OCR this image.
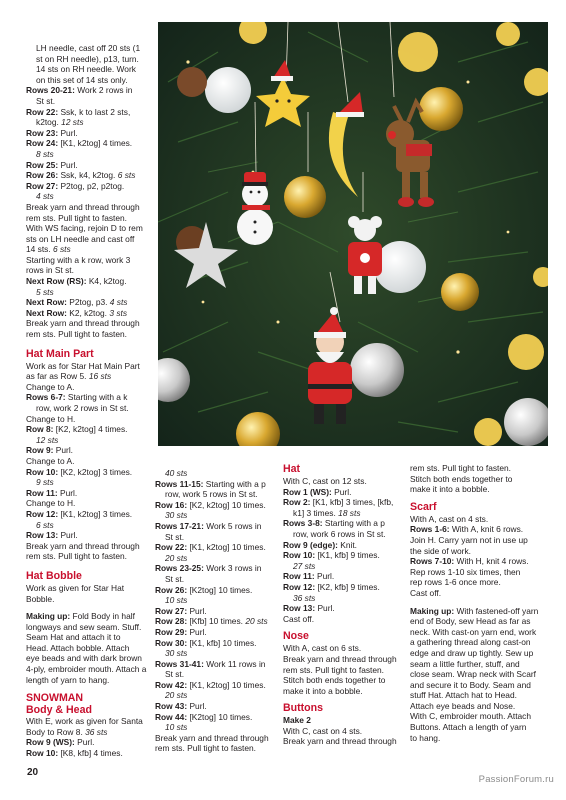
LH needle, cast off 20 sts (1

st on RH needle), p13, turn.

14 sts on RH needle. Work

on this set of 14 sts only.

Rows 20-21: Work 2 rows in

St st.

Row 22: Ssk, k to last 2 sts,

k2tog. 12 sts

Row 23: Purl.

Row 24: [K1, k2tog] 4 times.

8 sts

Row 25: Purl.

Row 26: Ssk, k4, k2tog. 6 sts

Row 27: P2tog, p2, p2tog.

4 sts

Break yarn and thread through

rem sts. Pull tight to fasten.

With WS facing, rejoin D to rem

sts on LH needle and cast off

14 sts. 6 sts

Starting with a k row, work 3

rows in St st.

Next Row (RS): K4, k2tog.

5 sts

Next Row: P2tog, p3. 4 sts

Next Row: K2, k2tog. 3 sts

Break yarn and thread through

rem sts. Pull tight to fasten.

Hat Main Part

Work as for Star Hat Main Part

as far as Row 5. 16 sts

Change to A.

Rows 6-7: Starting with a k

row, work 2 rows in St st.

Change to H.

Row 8: [K2, k2tog] 4 times.

12 sts

Row 9: Purl.

Change to A.

Row 10: [K2, k2tog] 3 times.

9 sts

Row 11: Purl.

Change to H.

Row 12: [K1, k2tog] 3 times.

6 sts

Row 13: Purl.

Break yarn and thread through

rem sts. Pull tight to fasten.

Hat Bobble

Work as given for Star Hat Bobble.

Making up: Fold Body in half

longways and sew seam. Stuff.

Seam Hat and attach it to

Head. Attach bobble. Attach

eye beads and with dark brown

4-ply, embroider mouth. Attach a

length of yarn to hang.

SNOWMAN
Body & Head

With E, work as given for Santa

Body to Row 8. 36 sts

Row 9 (WS): Purl.

Row 10: [K8, kfb] 4 times.

40 sts

Rows 11-15: Starting with a p

row, work 5 rows in St st.

Row 16: [K2, k2tog] 10 times.

30 sts

Rows 17-21: Work 5 rows in

St st.

Row 22: [K1, k2tog] 10 times.

20 sts

Rows 23-25: Work 3 rows in

St st.

Row 26: [K2tog] 10 times.

10 sts

Row 27: Purl.

Row 28: [Kfb] 10 times. 20 sts

Row 29: Purl.

Row 30: [K1, kfb] 10 times.

30 sts

Rows 31-41: Work 11 rows in

St st.

Row 42: [K1, k2tog] 10 times.

20 sts

Row 43: Purl.

Row 44: [K2tog] 10 times.

10 sts

Break yarn and thread through

rem sts. Pull tight to fasten.

Hat

With C, cast on 12 sts.

Row 1 (WS): Purl.

Row 2: [K1, kfb] 3 times, [kfb,

k1] 3 times. 18 sts

Rows 3-8: Starting with a p

row, work 6 rows in St st.

Row 9 (edge): Knit.

Row 10: [K1, kfb] 9 times.

27 sts

Row 11: Purl.

Row 12: [K2, kfb] 9 times.

36 sts

Row 13: Purl.

Cast off.

Nose

With A, cast on 6 sts.

Break yarn and thread through

rem sts. Pull tight to fasten.

Stitch both ends together to

make it into a bobble.

Buttons

Make 2

With C, cast on 4 sts.

Break yarn and thread through

rem sts. Pull tight to fasten.

Stitch both ends together to

make it into a bobble.

Scarf

With A, cast on 4 sts.

Rows 1-6: With A, knit 6 rows.

Join H. Carry yarn not in use up

the side of work.

Rows 7-10: With H, knit 4 rows.

Rep rows 1-10 six times, then

rep rows 1-6 once more.

Cast off.

Making up: With fastened-off yarn

end of Body, sew Head as far as

neck. With cast-on yarn end, work

a gathering thread along cast-on

edge and draw up tightly. Sew up

seam a little further, stuff, and

close seam. Wrap neck with Scarf

and secure it to Body. Seam and

stuff Hat. Attach hat to Head.

Attach eye beads and Nose.

With C, embroider mouth. Attach

Buttons. Attach a length of yarn

to hang.

20
PassionForum.ru
